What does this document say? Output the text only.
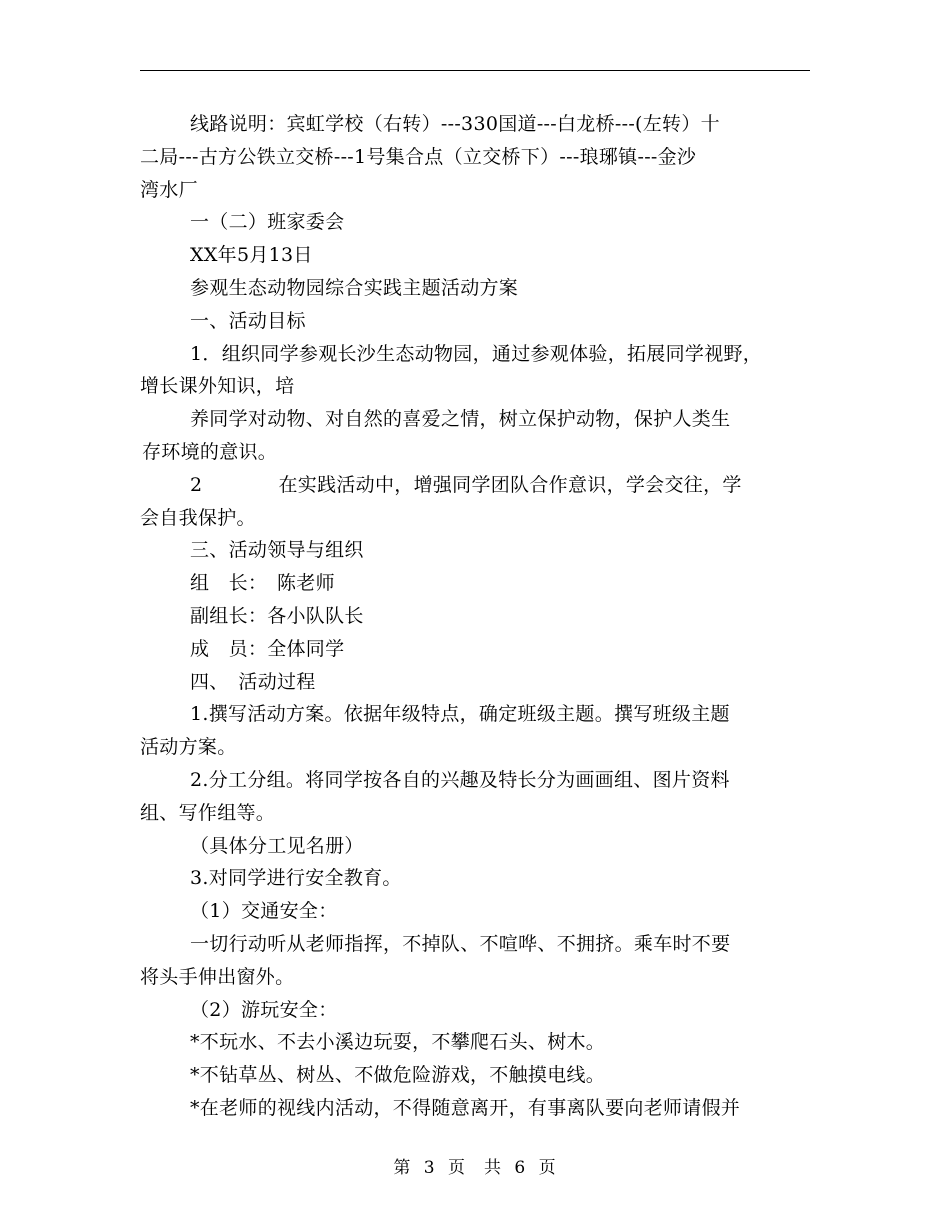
线路说明：宾虹学校（右转）---330国道---白龙桥---(左转）十
二局---古方公铁立交桥---1号集合点（立交桥下）---琅琊镇---金沙
湾水厂
一（二）班家委会
XX年5月13日
参观生态动物园综合实践主题活动方案
一、活动目标
1．组织同学参观长沙生态动物园，通过参观体验，拓展同学视野，
增长课外知识，培
养同学对动物、对自然的喜爱之情，树立保护动物，保护人类生
存环境的意识。
2            在实践活动中，增强同学团队合作意识，学会交往，学
会自我保护。
三、活动领导与组织
组　长：　陈老师
副组长：各小队队长
成　员：全体同学
四、　活动过程
1.撰写活动方案。依据年级特点，确定班级主题。撰写班级主题
活动方案。
2.分工分组。将同学按各自的兴趣及特长分为画画组、图片资料
组、写作组等。
（具体分工见名册）
3.对同学进行安全教育。
（1）交通安全：
一切行动听从老师指挥，不掉队、不喧哗、不拥挤。乘车时不要
将头手伸出窗外。
（2）游玩安全：
*不玩水、不去小溪边玩耍，不攀爬石头、树木。
*不钻草丛、树丛、不做危险游戏，不触摸电线。
*在老师的视线内活动，不得随意离开，有事离队要向老师请假并
第 3 页　共 6 页
